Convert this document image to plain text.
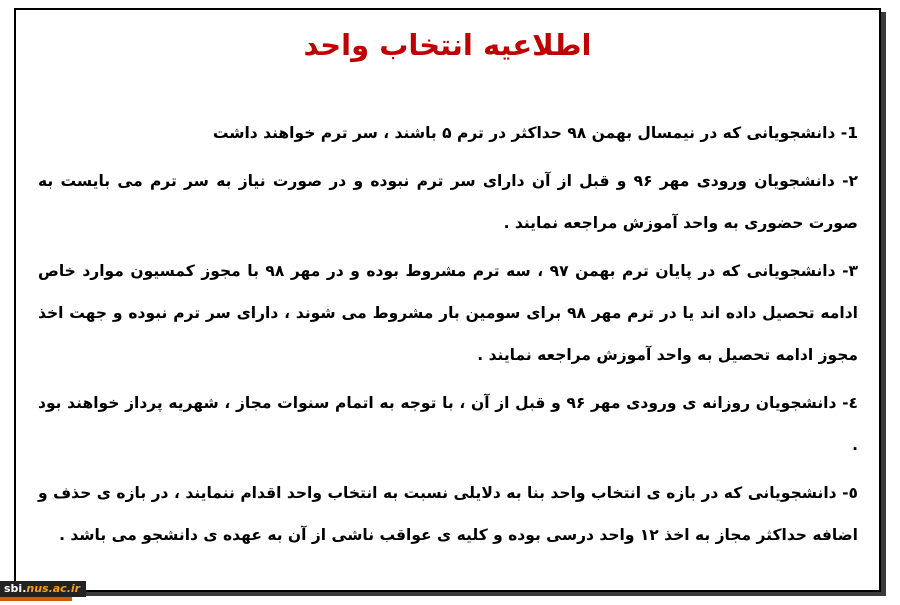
اطلاعیه انتخاب واحد

1- دانشجویانی که در نیمسال بهمن ۹۸ حداکثر در ترم ۵ باشند ، سر ترم خواهند داشت

۲- دانشجویان ورودی مهر ۹۶ و قبل از آن دارای سر ترم نبوده و در صورت نیاز به سر ترم می بایست به صورت حضوری به واحد آموزش مراجعه نمایند .

۳- دانشجویانی که در پایان ترم بهمن ۹۷ ، سه ترم مشروط بوده و در مهر ۹۸ با مجوز کمسیون موارد خاص ادامه تحصیل داده اند یا در ترم مهر ۹۸ برای سومین بار مشروط می شوند ، دارای سر ترم نبوده و جهت اخذ مجوز ادامه تحصیل به واحد آموزش مراجعه نمایند .

٤- دانشجویان روزانه ی ورودی مهر ۹۶ و قبل از آن ، با توجه به اتمام سنوات مجاز ، شهریه پرداز خواهند بود .

٥- دانشجویانی که در بازه ی انتخاب واحد بنا به دلایلی نسبت به انتخاب واحد اقدام ننمایند ، در بازه ی حذف و اضافه حداکثر مجاز به اخذ ۱۲ واحد درسی بوده و کلیه ی عواقب ناشی از آن به عهده ی دانشجو می باشد .

sbi.nus.ac.ir
